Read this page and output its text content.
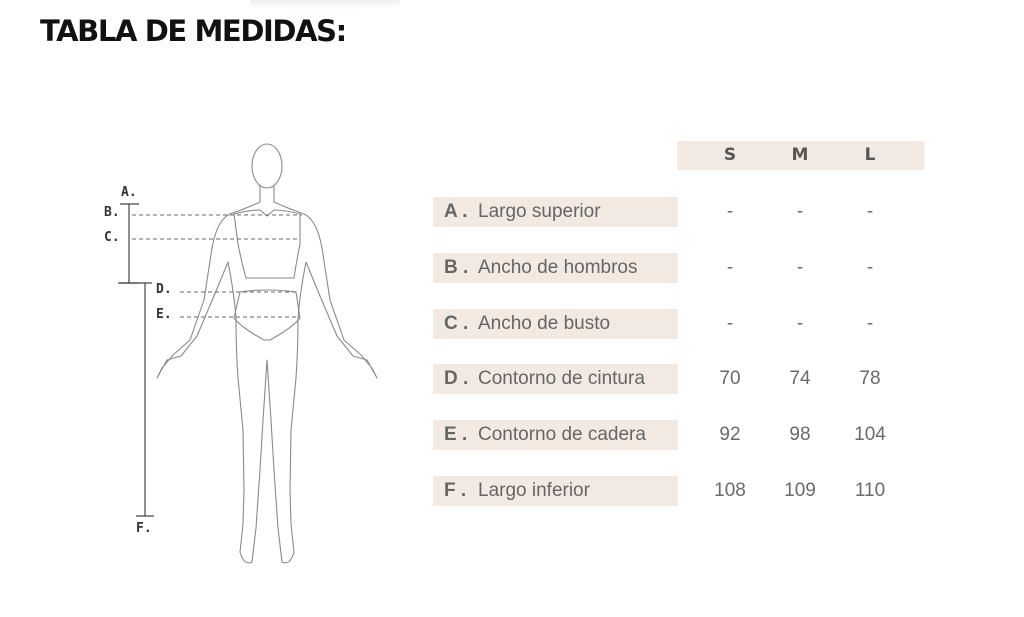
TABLA DE MEDIDAS:
A.
B.
C.
D.
E.
F.
S	M	L
A . Largo superior	-	-	-
B . Ancho de hombros	-	-	-
C . Ancho de busto	-	-	-
D . Contorno de cintura	70	74	78
E . Contorno de cadera	92	98	104
F . Largo inferior	108	109	110
